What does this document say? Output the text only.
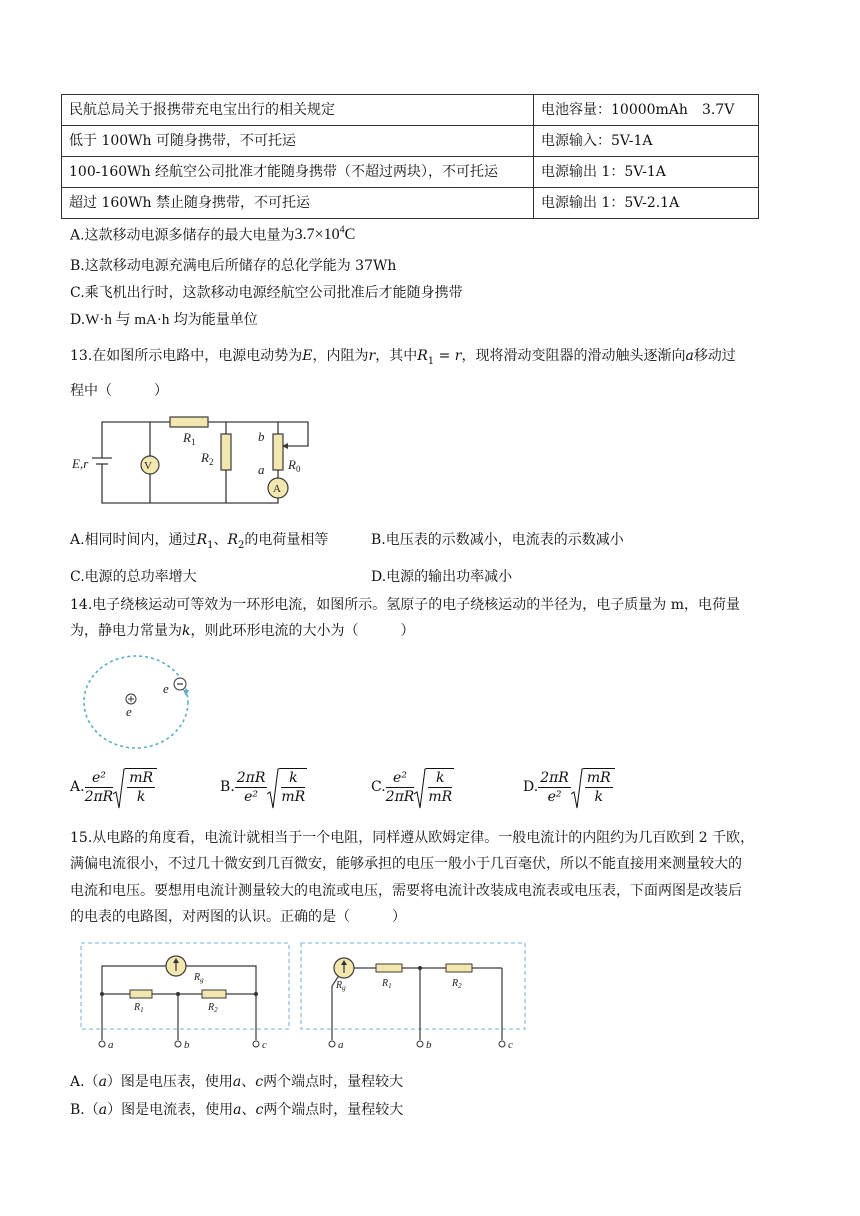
民航总局关于报携带充电宝出行的相关规定	电池容量：10000mAh　3.7V
低于 100Wh 可随身携带，不可托运	电源输入：5V-1A
100-160Wh 经航空公司批准才能随身携带（不超过两块），不可托运	电源输出 1：5V-1A
超过 160Wh 禁止随身携带，不可托运	电源输出 1：5V-2.1A
A.这款移动电源多储存的最大电量为$3.7\times 10^4C$
B.这款移动电源充满电后所储存的总化学能为 37Wh
C.乘飞机出行时，这款移动电源经航空公司批准后才能随身携带
D.W·h 与 mA·h 均为能量单位
13.在如图所示电路中，电源电动势为E，内阻为r，其中$R_1 = r$，现将滑动变阻器的滑动触头逐渐向a移动过
程中（　　　）
V
A
$R_1$
$R_2$	$R_0$
b
a
E,r
A.相同时间内，通过$R_1$、$R_2$的电荷量相等	B.电压表的示数减小，电流表的示数减小
C.电源的总功率增大	D.电源的输出功率减小
14.电子绕核运动可等效为一环形电流，如图所示。氢原子的电子绕核运动的半径为，电子质量为 m，电荷量
为，静电力常量为k，则此环形电流的大小为（　　　）
e
e
A. $\frac{\text{e²}}{2\pi R} \frac{mR}{k}$	B. $\frac{2\pi R}{\text{e²}} \frac{k}{mR}$	C. $\frac{\text{e²}}{2\pi R} \frac{k}{mR}$	D. $\frac{2\pi R}{\text{e²}} \frac{mR}{k}$
15.从电路的角度看，电流计就相当于一个电阻，同样遵从欧姆定律。一般电流计的内阻约为几百欧到 2 千欧，
满偏电流很小，不过几十微安到几百微安，能够承担的电压一般小于几百毫伏，所以不能直接用来测量较大的
电流和电压。要想用电流计测量较大的电流或电压，需要将电流计改装成电流表或电压表，下面两图是改装后
的电表的电路图，对两图的认识。正确的是（　　　）
$R_g$
$R_1$	$R_2$
a	b	c
$R_g$	$R_1$	$R_2$
a	b	c
A.（a）图是电压表，使用a、c两个端点时，量程较大
B.（a）图是电流表，使用a、c两个端点时，量程较大
